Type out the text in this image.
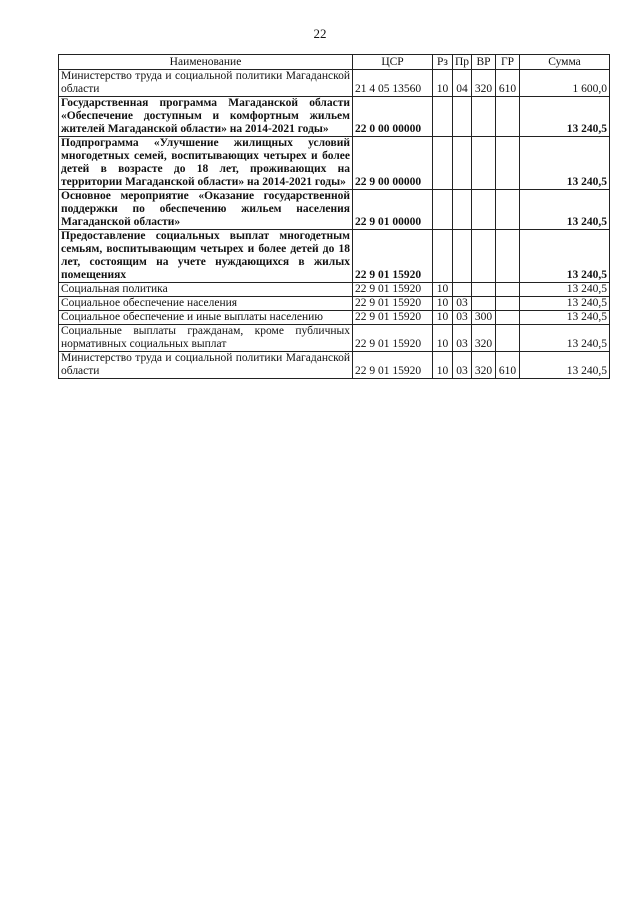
22
Наименование	ЦСР	Рз	Пр	ВР	ГР	Сумма
Министерство труда и социальной политики Магаданской области	21 4 05 13560	10	04	320	610	1 600,0
Государственная программа Магаданской области «Обеспечение доступным и комфортным жильем жителей Магаданской области» на 2014-2021 годы»	22 0 00 00000					13 240,5
Подпрограмма «Улучшение жилищных условий многодетных семей, воспитывающих четырех и более детей в возрасте до 18 лет, проживающих на территории Магаданской области» на 2014-2021 годы»	22 9 00 00000					13 240,5
Основное мероприятие «Оказание государственной поддержки по обеспечению жильем населения Магаданской области»	22 9 01 00000					13 240,5
Предоставление социальных выплат многодетным семьям, воспитывающим четырех и более детей до 18 лет, состоящим на учете нуждающихся в жилых помещениях	22 9 01 15920					13 240,5
Социальная политика	22 9 01 15920	10				13 240,5
Социальное обеспечение населения	22 9 01 15920	10	03			13 240,5
Социальное обеспечение и иные выплаты населению	22 9 01 15920	10	03	300		13 240,5
Социальные выплаты гражданам, кроме публичных нормативных социальных выплат	22 9 01 15920	10	03	320		13 240,5
Министерство труда и социальной политики Магаданской области	22 9 01 15920	10	03	320	610	13 240,5
